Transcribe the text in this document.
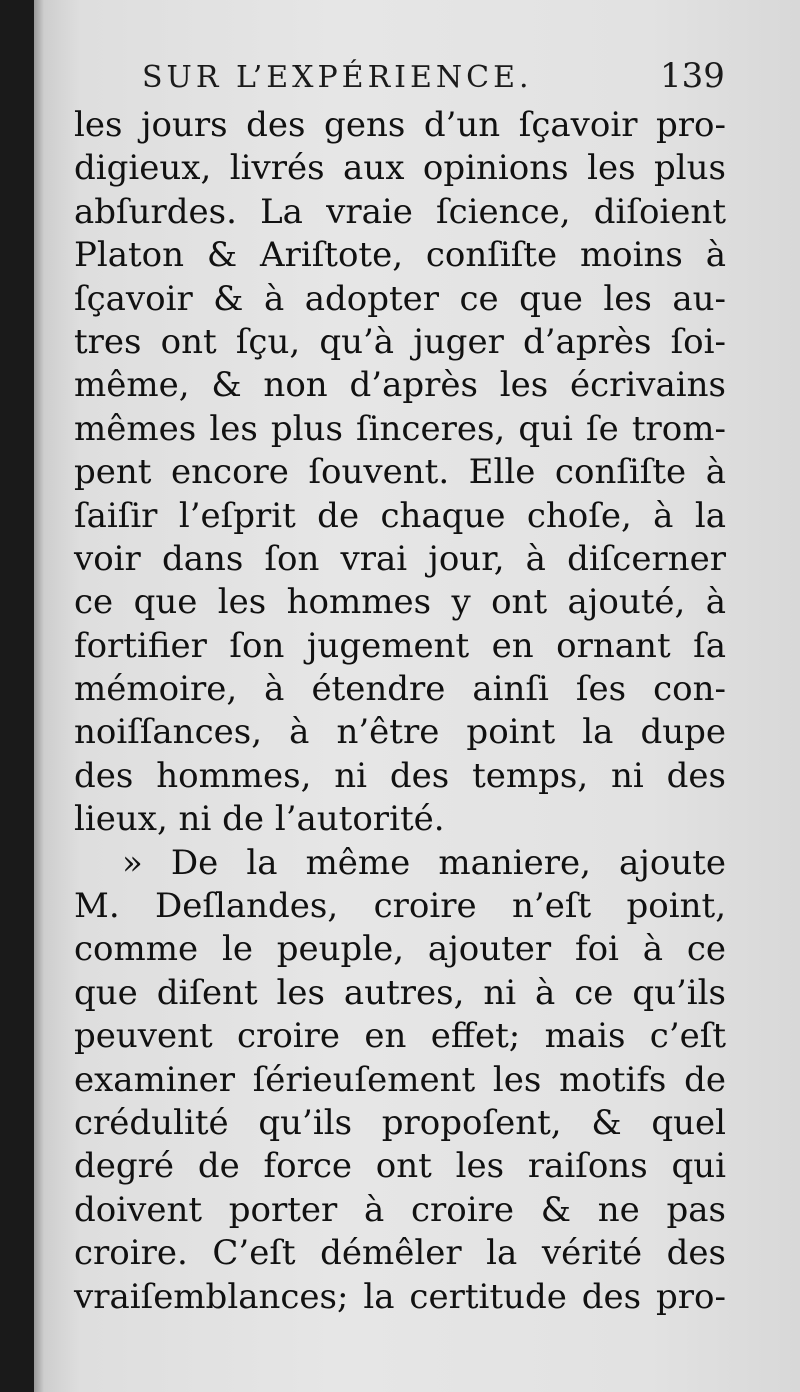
SUR L’EXPÉRIENCE.	139
les jours des gens d’un ſçavoir pro-
digieux, livrés aux opinions les plus
abſurdes. La vraie ſcience, diſoient
Platon & Ariſtote, conſiſte moins à
ſçavoir & à adopter ce que les au-
tres ont ſçu, qu’à juger d’après ſoi-
même, & non d’après les écrivains
mêmes les plus ſinceres, qui ſe trom-
pent encore ſouvent. Elle conſiſte à
ſaiſir l’eſprit de chaque choſe, à la
voir dans ſon vrai jour, à diſcerner
ce que les hommes y ont ajouté, à
fortifier ſon jugement en ornant ſa
mémoire, à étendre ainſi ſes con-
noiſſances, à n’être point la dupe
des hommes, ni des temps, ni des
lieux, ni de l’autorité.
» De la même maniere, ajoute
M. Deſlandes, croire n’eſt point,
comme le peuple, ajouter foi à ce
que diſent les autres, ni à ce qu’ils
peuvent croire en effet; mais c’eſt
examiner ſérieuſement les motifs de
crédulité qu’ils propoſent, & quel
degré de force ont les raiſons qui
doivent porter à croire & ne pas
croire. C’eſt démêler la vérité des
vraiſemblances; la certitude des pro-
